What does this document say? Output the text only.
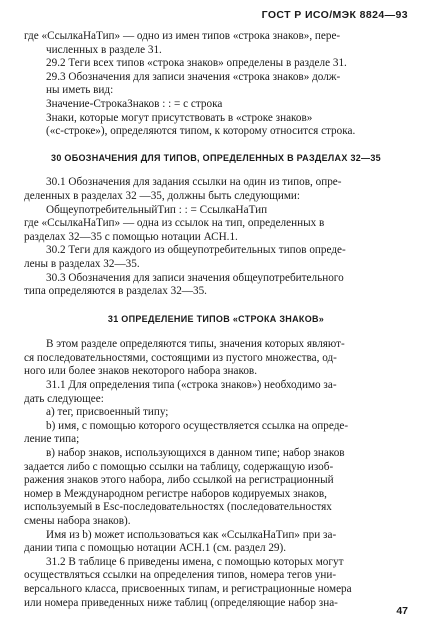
ГОСТ Р ИСО/МЭК 8824—93

где «СсылкаНаТип» — одно из имен типов «строка знаков», пере-

численных в разделе 31.

29.2 Теги всех типов «строка знаков» определены в разделе 31.

29.3 Обозначения для записи значения «строка знаков» долж-

ны иметь вид:

Значение-СтрокаЗнаков : : = с строка

Знаки, которые могут присутствовать в «строке знаков»

(«с-строке»), определяются типом, к которому относится строка.

30 ОБОЗНАЧЕНИЯ ДЛЯ ТИПОВ, ОПРЕДЕЛЕННЫХ В РАЗДЕЛАХ 32—35

30.1 Обозначения для задания ссылки на один из типов, опре-

деленных в разделах 32 —35, должны быть следующими:

ОбщеупотребительныйТип : : = СсылкаНаТип

где «СсылкаНаТип» — одна из ссылок на тип, определенных в

разделах 32—35 с помощью нотации АСН.1.

30.2 Теги для каждого из общеупотребительных типов опреде-

лены в разделах 32—35.

30.3 Обозначения для записи значения общеупотребительного

типа определяются в разделах 32—35.

31 ОПРЕДЕЛЕНИЕ ТИПОВ «СТРОКА ЗНАКОВ»

В этом разделе определяются типы, значения которых являют-

ся последовательностями, состоящими из пустого множества, од-

ного или более знаков некоторого набора знаков.

31.1 Для определения типа («строка знаков») необходимо за-

дать следующее:

а) тег, присвоенный типу;

b) имя, с помощью которого осуществляется ссылка на опреде-

ление типа;

в) набор знаков, использующихся в данном типе; набор знаков

задается либо с помощью ссылки на таблицу, содержащую изоб-

ражения знаков этого набора, либо ссылкой на регистрационный

номер в Международном регистре наборов кодируемых знаков,

используемый в Esc-последовательностях (последовательностях

смены набора знаков).

Имя из b) может использоваться как «СсылкаНаТип» при за-

дании типа с помощью нотации АСН.1 (см. раздел 29).

31.2 В таблице 6 приведены имена, с помощью которых могут

осуществляться ссылки на определения типов, номера тегов уни-

версального класса, присвоенных типам, и регистрационные номера

или номера приведенных ниже таблиц (определяющие набор зна-

47
